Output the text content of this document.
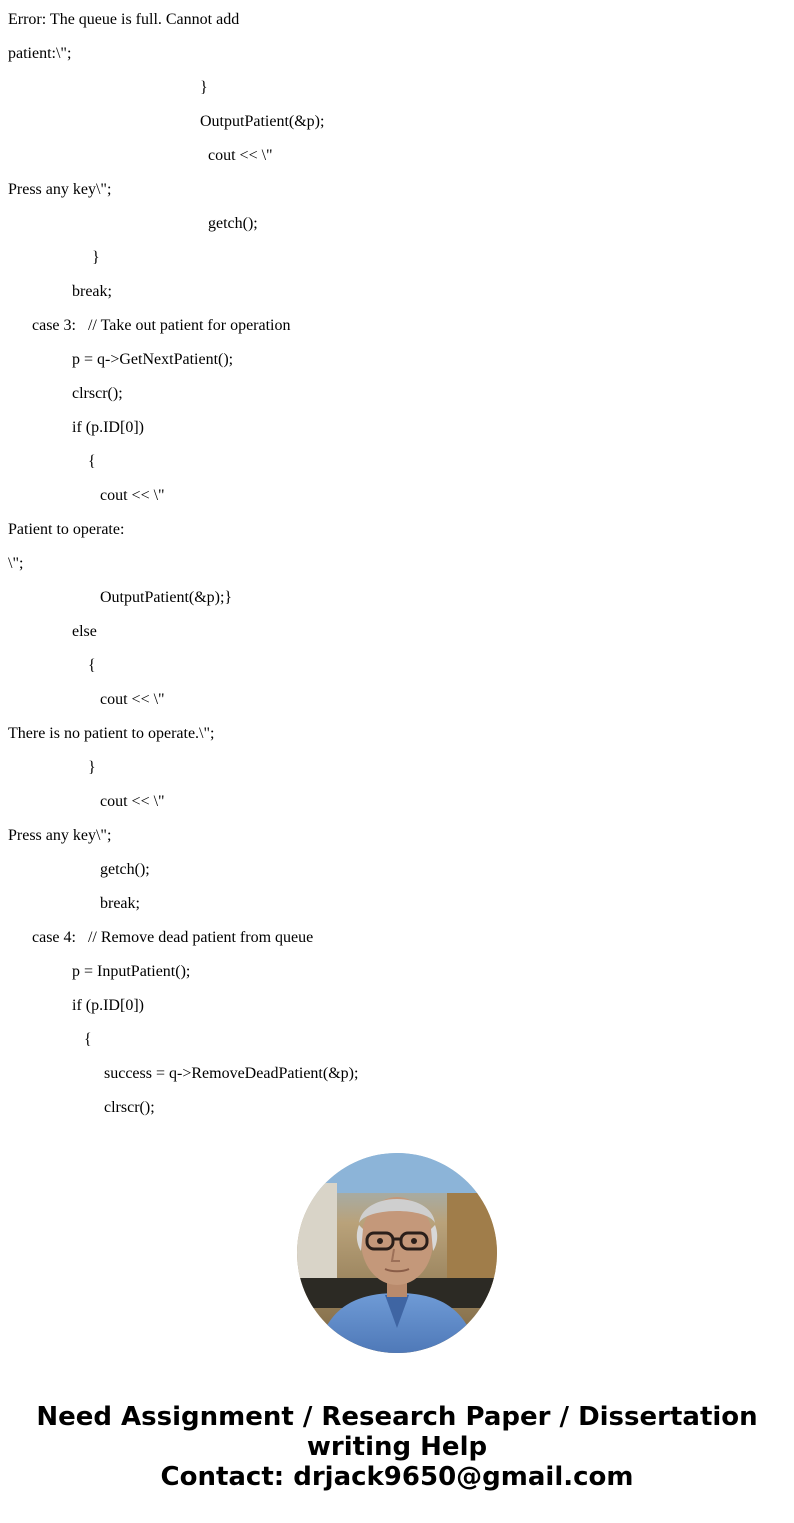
Error: The queue is full. Cannot add
patient:\";
}
OutputPatient(&p);
cout << \"
Press any key\";
getch();
}
break;
case 3:   // Take out patient for operation
p = q->GetNextPatient();
clrscr();
if (p.ID[0])
{
cout << \"
Patient to operate:
\";
OutputPatient(&p);}
else
{
cout << \"
There is no patient to operate.\";
}
cout << \"
Press any key\";
getch();
break;
case 4:   // Remove dead patient from queue
p = InputPatient();
if (p.ID[0])
{
success = q->RemoveDeadPatient(&p);
clrscr();
Need Assignment / Research Paper / Dissertation
writing Help
Contact: drjack9650@gmail.com
